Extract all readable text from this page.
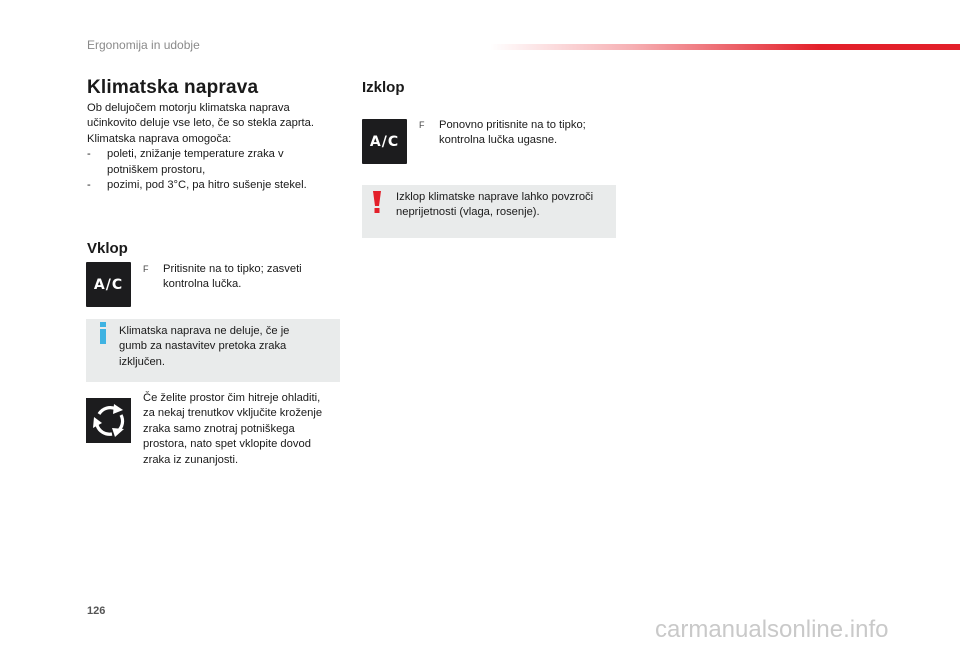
Ergonomija in udobje
Klimatska naprava
Ob delujočem motorju klimatska naprava
učinkovito deluje vse leto, če so stekla zaprta.
Klimatska naprava omogoča:
- poleti, znižanje temperature zraka v
potniškem prostoru,
- pozimi, pod 3°C, pa hitro sušenje stekel.
Vklop
A/C
F	Pritisnite na to tipko; zasveti
kontrolna lučka.
Klimatska naprava ne deluje, če je
gumb za nastavitev pretoka zraka
izključen.
Če želite prostor čim hitreje ohladiti,
za nekaj trenutkov vključite kroženje
zraka samo znotraj potniškega
prostora, nato spet vklopite dovod
zraka iz zunanjosti.
Izklop
A/C
F	Ponovno pritisnite na to tipko;
kontrolna lučka ugasne.
Izklop klimatske naprave lahko povzroči
neprijetnosti (vlaga, rosenje).
126
carmanualsonline.info
